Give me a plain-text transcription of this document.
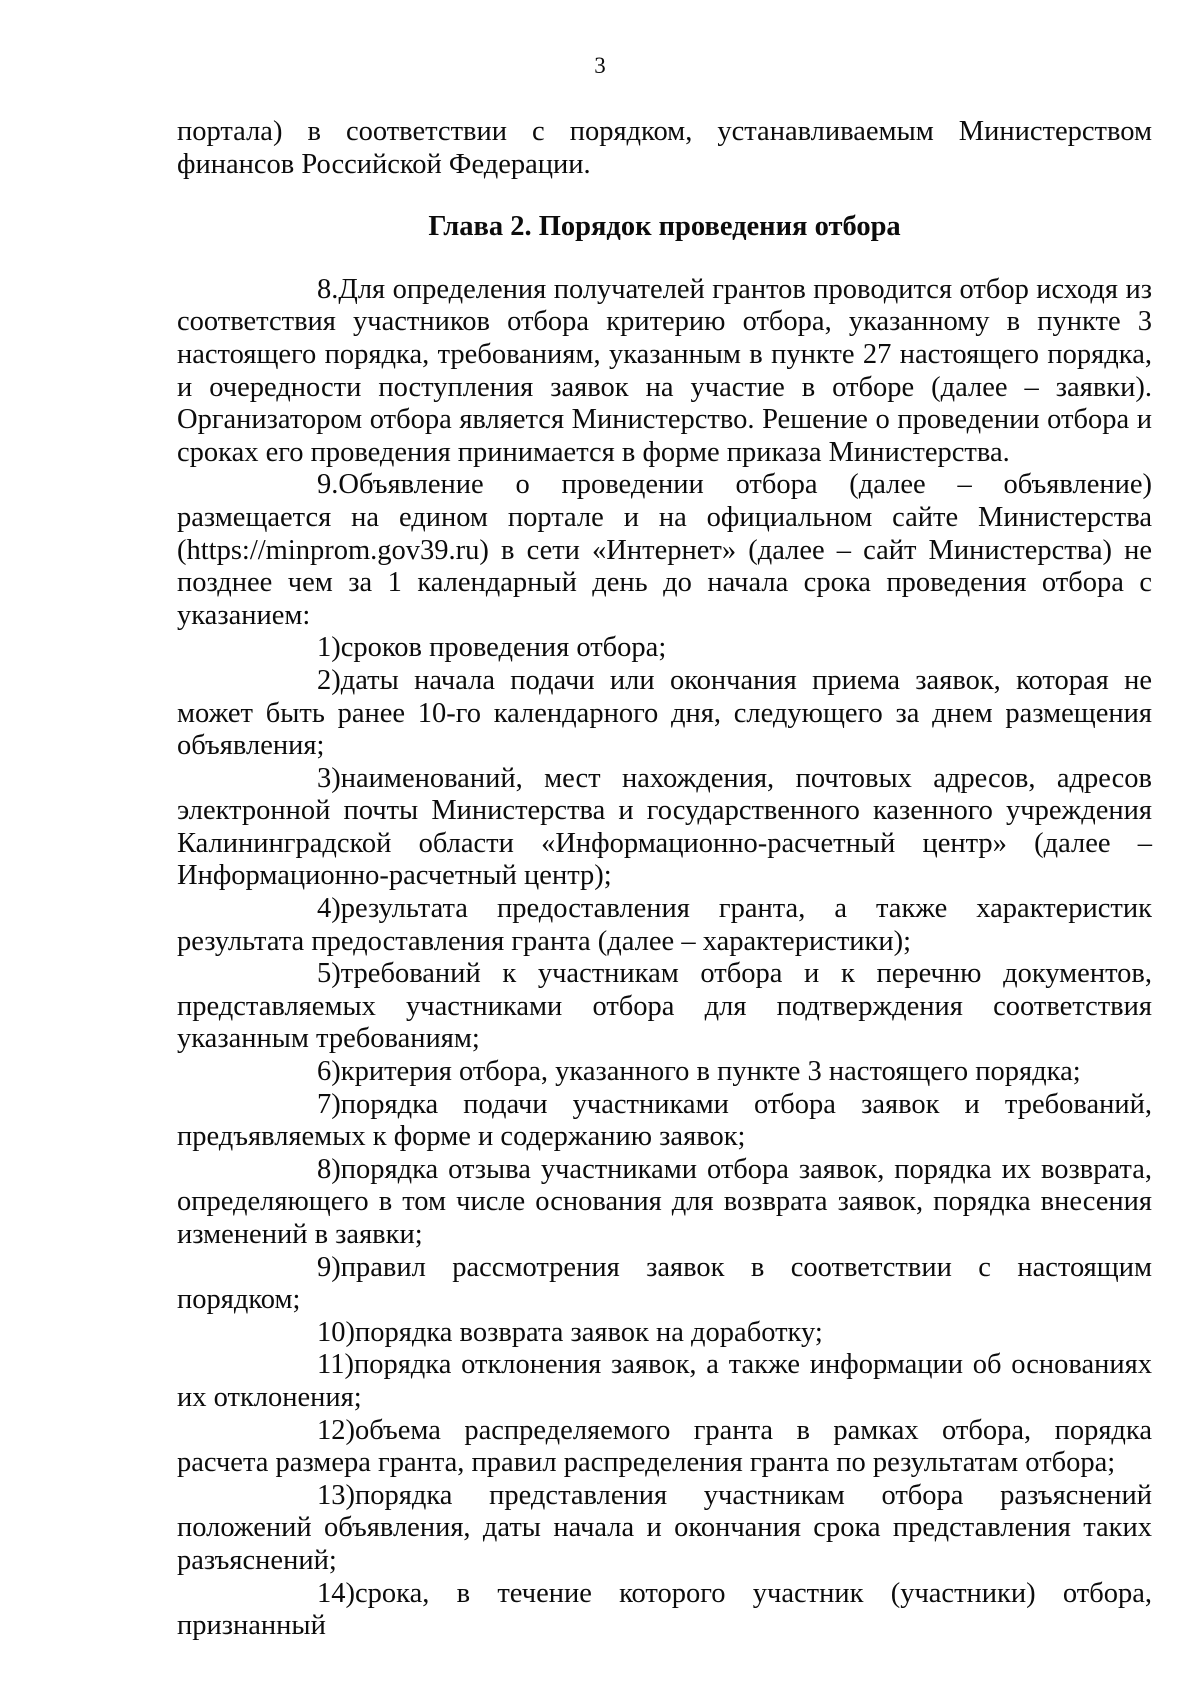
3

портала) в соответствии с порядком, устанавливаемым Министерством финансов Российской Федерации.

Глава 2. Порядок проведения отбора

8.Для определения получателей грантов проводится отбор исходя из соответствия участников отбора критерию отбора, указанному в пункте 3 настоящего порядка, требованиям, указанным в пункте 27 настоящего порядка, и очередности поступления заявок на участие в отборе (далее – заявки). Организатором отбора является Министерство. Решение о проведении отбора и сроках его проведения принимается в форме приказа Министерства.

9.Объявление о проведении отбора (далее – объявление) размещается на едином портале и на официальном сайте Министерства (https://minprom.gov39.ru) в сети «Интернет» (далее – сайт Министерства) не позднее чем за 1 календарный день до начала срока проведения отбора с указанием:

1)сроков проведения отбора;

2)даты начала подачи или окончания приема заявок, которая не может быть ранее 10-го календарного дня, следующего за днем размещения объявления;

3)наименований, мест нахождения, почтовых адресов, адресов электронной почты Министерства и государственного казенного учреждения Калининградской области «Информационно-расчетный центр» (далее – Информационно-расчетный центр);

4)результата предоставления гранта, а также характеристик результата предоставления гранта (далее – характеристики);

5)требований к участникам отбора и к перечню документов, представляемых участниками отбора для подтверждения соответствия указанным требованиям;

6)критерия отбора, указанного в пункте 3 настоящего порядка;

7)порядка подачи участниками отбора заявок и требований, предъявляемых к форме и содержанию заявок;

8)порядка отзыва участниками отбора заявок, порядка их возврата, определяющего в том числе основания для возврата заявок, порядка внесения изменений в заявки;

9)правил рассмотрения заявок в соответствии с настоящим порядком;

10)порядка возврата заявок на доработку;

11)порядка отклонения заявок, а также информации об основаниях их отклонения;

12)объема распределяемого гранта в рамках отбора, порядка расчета размера гранта, правил распределения гранта по результатам отбора;

13)порядка представления участникам отбора разъяснений положений объявления, даты начала и окончания срока представления таких разъяснений;

14)срока, в течение которого участник (участники) отбора, признанный
